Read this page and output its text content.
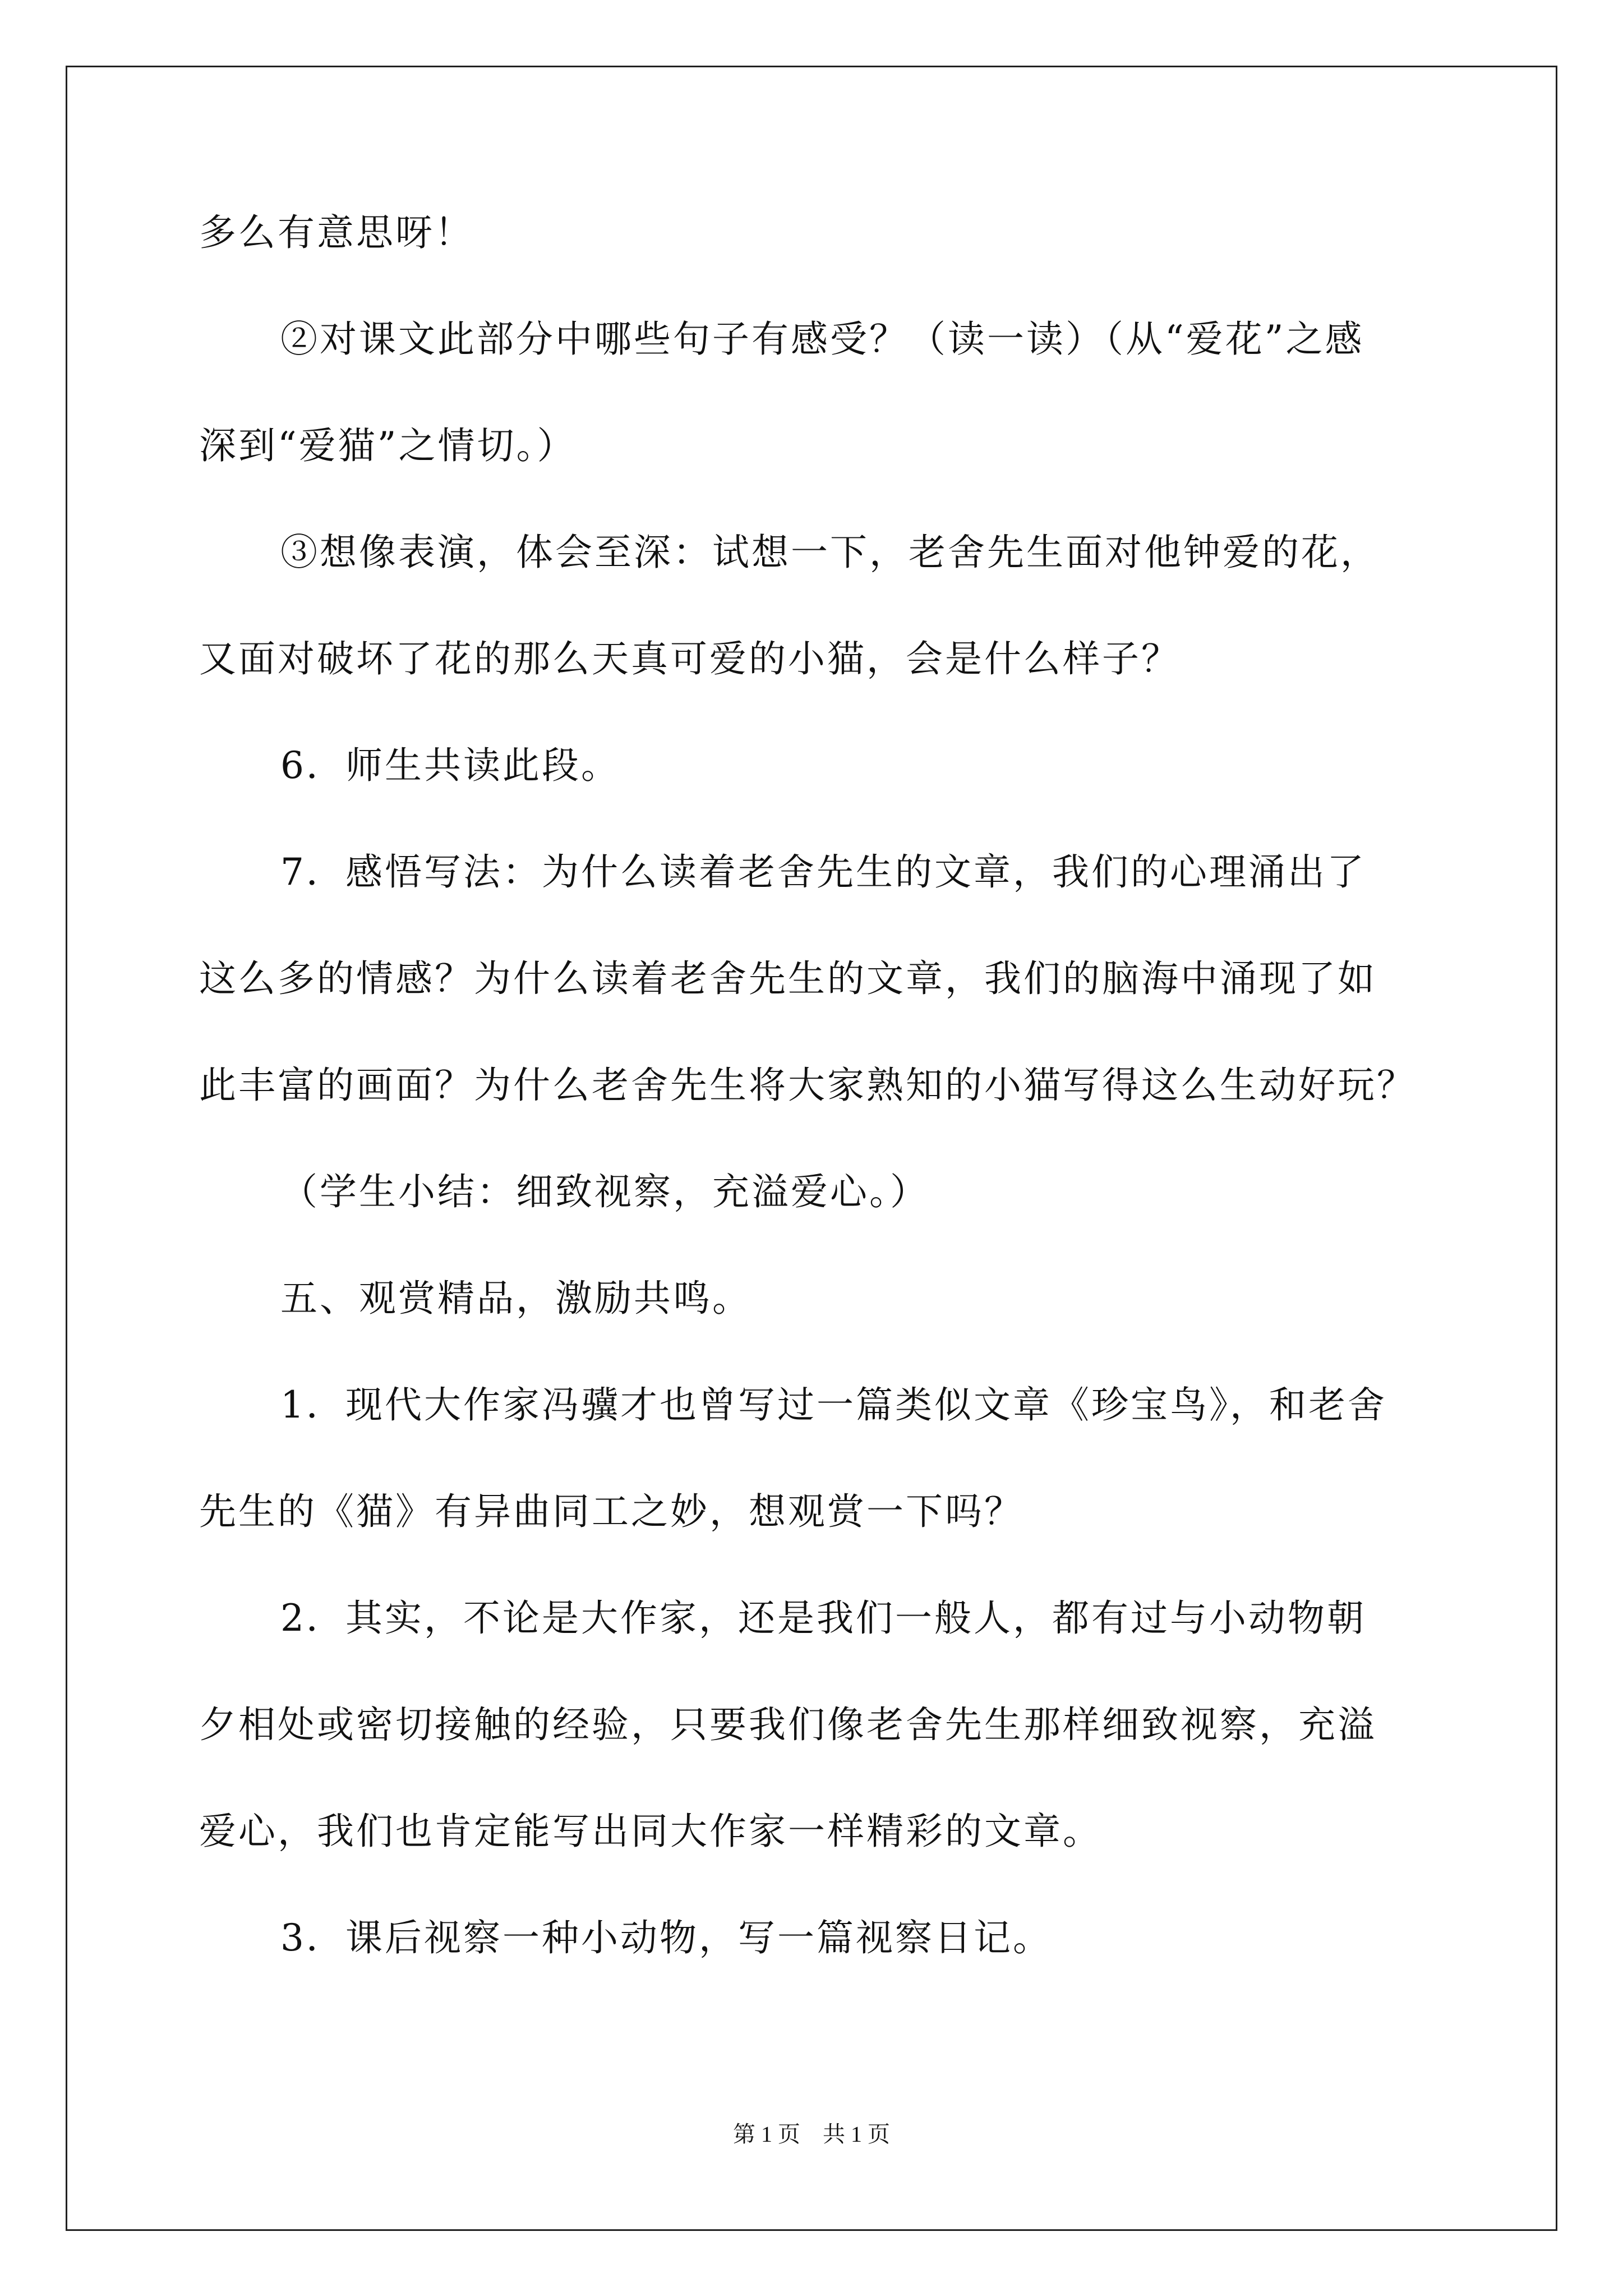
多么有意思呀！
②对课文此部分中哪些句子有感受？（读一读）（从“爱花”之感
深到“爱猫”之情切。）
③想像表演，体会至深：试想一下，老舍先生面对他钟爱的花，
又面对破坏了花的那么天真可爱的小猫，会是什么样子？
6．师生共读此段。
7．感悟写法：为什么读着老舍先生的文章，我们的心理涌出了
这么多的情感？为什么读着老舍先生的文章，我们的脑海中涌现了如
此丰富的画面？为什么老舍先生将大家熟知的小猫写得这么生动好玩？
（学生小结：细致视察，充溢爱心。）
五、观赏精品，激励共鸣。
1．现代大作家冯骥才也曾写过一篇类似文章《珍宝鸟》，和老舍
先生的《猫》有异曲同工之妙，想观赏一下吗？
2．其实，不论是大作家，还是我们一般人，都有过与小动物朝
夕相处或密切接触的经验，只要我们像老舍先生那样细致视察，充溢
爱心，我们也肯定能写出同大作家一样精彩的文章。
3．课后视察一种小动物，写一篇视察日记。
第 1 页　共 1 页
